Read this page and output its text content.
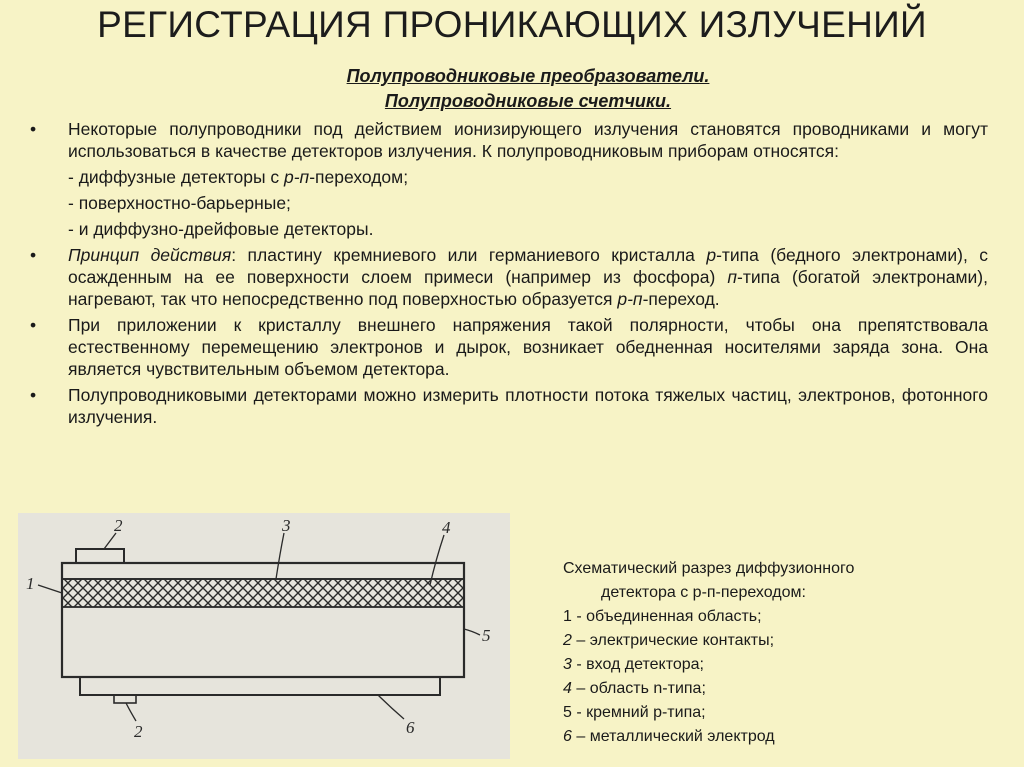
РЕГИСТРАЦИЯ ПРОНИКАЮЩИХ ИЗЛУЧЕНИЙ
Полупроводниковые преобразователи.
Полупроводниковые счетчики.
•	Некоторые полупроводники под действием ионизирующего излучения становятся проводниками и могут использоваться в качестве детекторов излучения. К полупроводниковым приборам относятся:
- диффузные детекторы с р-п-переходом;
- поверхностно-барьерные;
- и диффузно-дрейфовые детекторы.
•	Принцип действия: пластину кремниевого или германиевого кристалла р-типа (бедного электронами), с осажденным на ее поверхности слоем примеси (например из фосфора) п-типа (богатой электронами), нагревают, так что непосредственно под поверхностью образуется р-п-переход.
•	При приложении к кристаллу внешнего напряжения такой полярности, чтобы она препятствовала естественному перемещению электронов и дырок, возникает обедненная носителями заряда зона. Она является чувствительным объемом детектора.
•	Полупроводниковыми детекторами можно измерить плотности потока тяжелых частиц, электронов, фотонного излучения.
1
2	3	4
5
2	6
Схематический разрез диффузионного
детектора с р-п-переходом:
1 - объединенная область;
2 – электрические контакты;
3 - вход детектора;
4 – область n-типа;
5 - кремний р-типа;
6 – металлический электрод
